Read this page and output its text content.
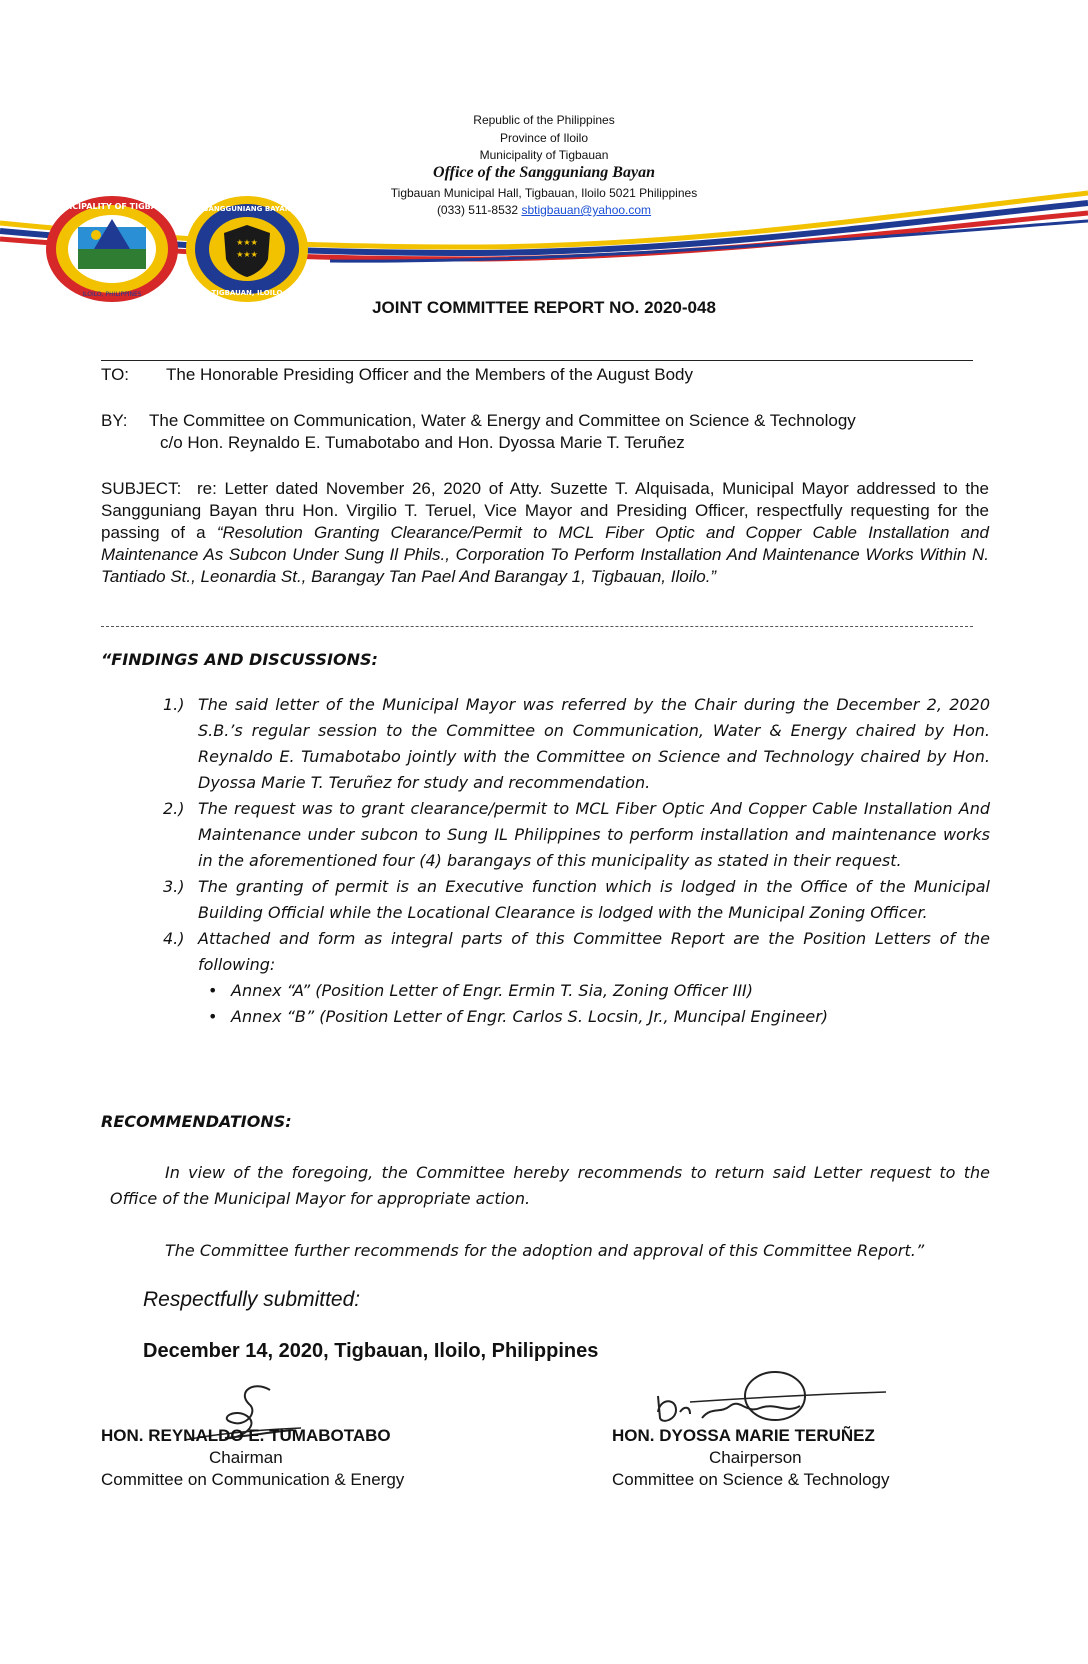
Republic of the Philippines
Province of Iloilo
Municipality of Tigbauan
Office of the Sangguniang Bayan
Tigbauan Municipal Hall, Tigbauan, Iloilo 5021 Philippines
(033) 511-8532 sbtigbauan@yahoo.com
MUNICIPALITY OF TIGBAUAN
ILOILO, PHILIPPINES
★★★
★★★
SANGGUNIANG BAYAN
TIGBAUAN, ILOILO
JOINT COMMITTEE REPORT NO. 2020-048
TO: The Honorable Presiding Officer and the Members of the August Body
BY: The Committee on Communication, Water & Energy and Committee on Science & Technology
c/o Hon. Reynaldo E. Tumabotabo and Hon. Dyossa Marie T. Teruñez
SUBJECT: re: Letter dated November 26, 2020 of Atty. Suzette T. Alquisada, Municipal Mayor addressed to the Sangguniang Bayan thru Hon. Virgilio T. Teruel, Vice Mayor and Presiding Officer, respectfully requesting for the passing of a “Resolution Granting Clearance/Permit to MCL Fiber Optic and Copper Cable Installation and Maintenance As Subcon Under Sung Il Phils., Corporation To Perform Installation And Maintenance Works Within N. Tantiado St., Leonardia St., Barangay Tan Pael And Barangay 1, Tigbauan, Iloilo.”
“FINDINGS AND DISCUSSIONS:
1.) The said letter of the Municipal Mayor was referred by the Chair during the December 2, 2020 S.B.’s regular session to the Committee on Communication, Water & Energy chaired by Hon. Reynaldo E. Tumabotabo jointly with the Committee on Science and Technology chaired by Hon. Dyossa Marie T. Teruñez for study and recommendation.
2.) The request was to grant clearance/permit to MCL Fiber Optic And Copper Cable Installation And Maintenance under subcon to Sung IL Philippines to perform installation and maintenance works in the aforementioned four (4) barangays of this municipality as stated in their request.
3.) The granting of permit is an Executive function which is lodged in the Office of the Municipal Building Official while the Locational Clearance is lodged with the Municipal Zoning Officer.
4.) Attached and form as integral parts of this Committee Report are the Position Letters of the following:
• Annex “A” (Position Letter of Engr. Ermin T. Sia, Zoning Officer III)
• Annex “B” (Position Letter of Engr. Carlos S. Locsin, Jr., Muncipal Engineer)
RECOMMENDATIONS:
In view of the foregoing, the Committee hereby recommends to return said Letter request to the Office of the Municipal Mayor for appropriate action.
The Committee further recommends for the adoption and approval of this Committee Report.”
Respectfully submitted:
December 14, 2020, Tigbauan, Iloilo, Philippines
HON. REYNALDO E. TUMABOTABO
Chairman
Committee on Communication & Energy
HON. DYOSSA MARIE TERUÑEZ
Chairperson
Committee on Science & Technology
